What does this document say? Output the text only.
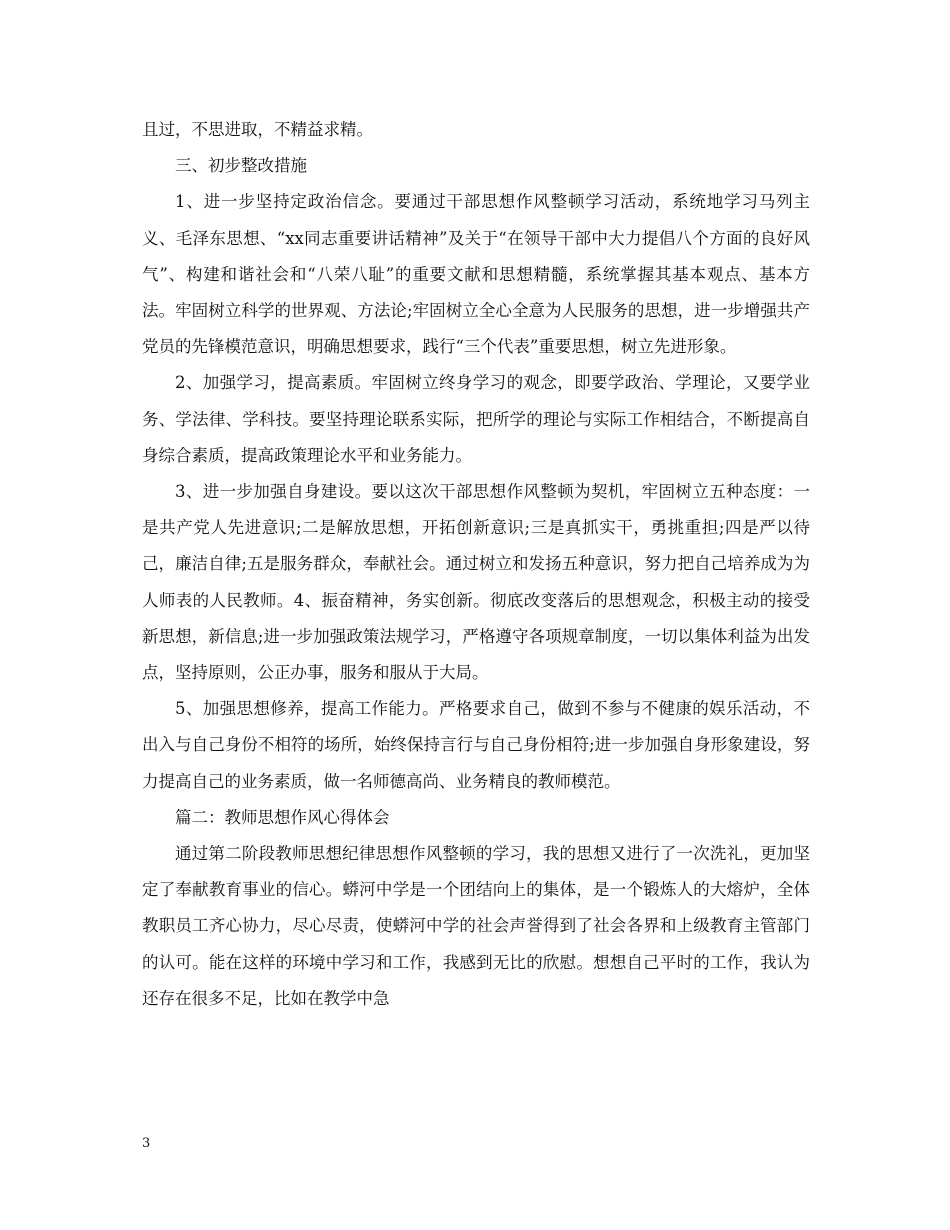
且过，不思进取，不精益求精。

三、初步整改措施

1、进一步坚持定政治信念。要通过干部思想作风整顿学习活动，系统地学习马列主义、毛泽东思想、“xx同志重要讲话精神”及关于“在领导干部中大力提倡八个方面的良好风气”、构建和谐社会和“八荣八耻”的重要文献和思想精髓，系统掌握其基本观点、基本方法。牢固树立科学的世界观、方法论;牢固树立全心全意为人民服务的思想，进一步增强共产党员的先锋模范意识，明确思想要求，践行“三个代表”重要思想，树立先进形象。

2、加强学习，提高素质。牢固树立终身学习的观念，即要学政治、学理论，又要学业务、学法律、学科技。要坚持理论联系实际，把所学的理论与实际工作相结合，不断提高自身综合素质，提高政策理论水平和业务能力。

3、进一步加强自身建设。要以这次干部思想作风整顿为契机，牢固树立五种态度：一是共产党人先进意识;二是解放思想，开拓创新意识;三是真抓实干，勇挑重担;四是严以待己，廉洁自律;五是服务群众，奉献社会。通过树立和发扬五种意识，努力把自己培养成为为人师表的人民教师。4、振奋精神，务实创新。彻底改变落后的思想观念，积极主动的接受新思想，新信息;进一步加强政策法规学习，严格遵守各项规章制度，一切以集体利益为出发点，坚持原则，公正办事，服务和服从于大局。

5、加强思想修养，提高工作能力。严格要求自己，做到不参与不健康的娱乐活动，不出入与自己身份不相符的场所，始终保持言行与自己身份相符;进一步加强自身形象建设，努力提高自己的业务素质，做一名师德高尚、业务精良的教师模范。

篇二：教师思想作风心得体会

通过第二阶段教师思想纪律思想作风整顿的学习，我的思想又进行了一次洗礼，更加坚定了奉献教育事业的信心。蟒河中学是一个团结向上的集体，是一个锻炼人的大熔炉，全体教职员工齐心协力，尽心尽责，使蟒河中学的社会声誉得到了社会各界和上级教育主管部门的认可。能在这样的环境中学习和工作，我感到无比的欣慰。想想自己平时的工作，我认为还存在很多不足，比如在教学中急

3
